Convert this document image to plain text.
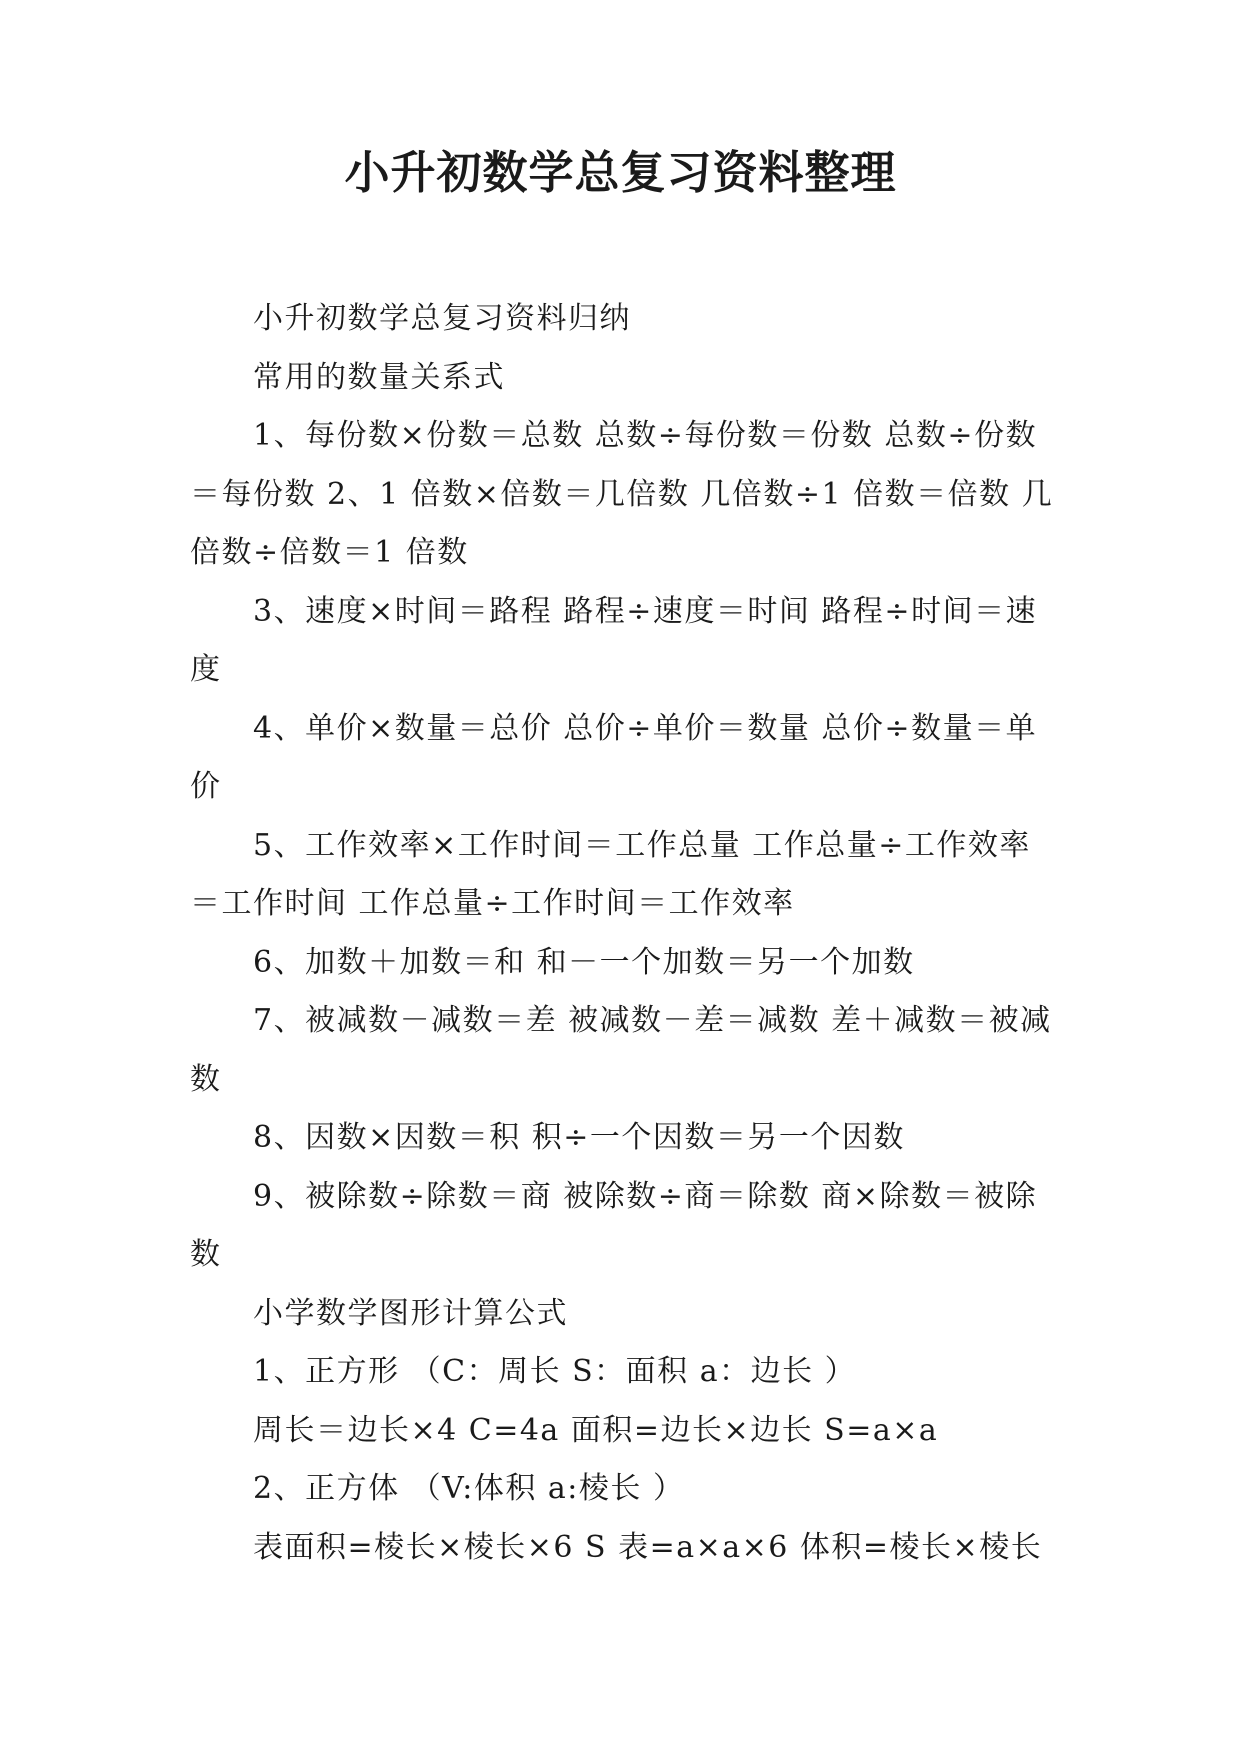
小升初数学总复习资料整理

小升初数学总复习资料归纳

常用的数量关系式

1、每份数×份数＝总数 总数÷每份数＝份数 总数÷份数＝每份数 2、1 倍数×倍数＝几倍数 几倍数÷1 倍数＝倍数 几倍数÷倍数＝1 倍数

3、速度×时间＝路程 路程÷速度＝时间 路程÷时间＝速度

4、单价×数量＝总价 总价÷单价＝数量 总价÷数量＝单价

5、工作效率×工作时间＝工作总量 工作总量÷工作效率＝工作时间 工作总量÷工作时间＝工作效率

6、加数＋加数＝和 和－一个加数＝另一个加数

7、被减数－减数＝差 被减数－差＝减数 差＋减数＝被减数

8、因数×因数＝积 积÷一个因数＝另一个因数

9、被除数÷除数＝商 被除数÷商＝除数 商×除数＝被除数

小学数学图形计算公式

1、正方形 （C：周长 S：面积 a：边长 ）

周长＝边长×4 C=4a 面积=边长×边长 S=a×a

2、正方体 （V:体积 a:棱长 ）

表面积=棱长×棱长×6 S 表=a×a×6 体积=棱长×棱长
